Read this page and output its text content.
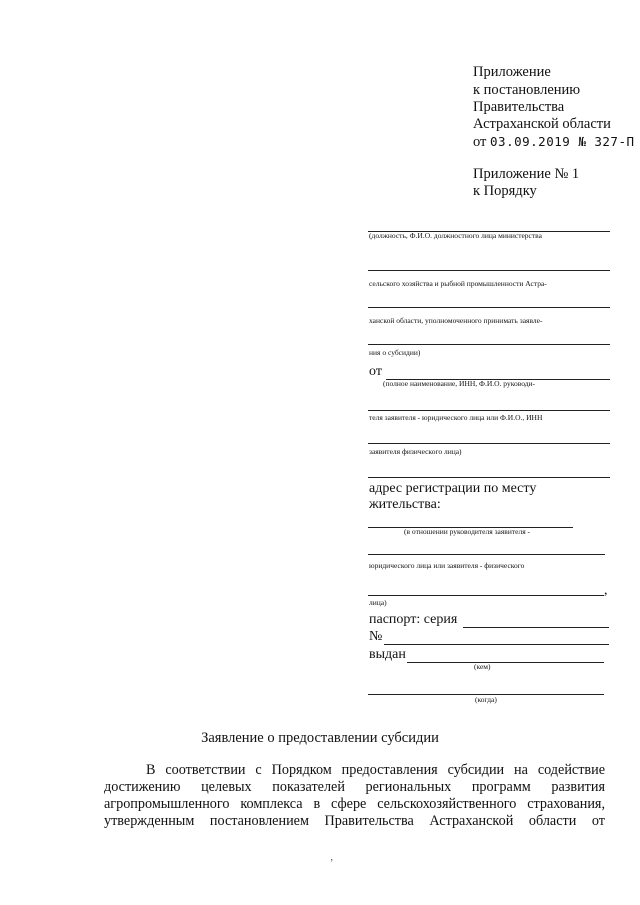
Приложение
к постановлению
Правительства
Астраханской области
от 03.09.2019 № 327-П
Приложение № 1
к Порядку
(должность, Ф.И.О. должностного лица министерства
сельского хозяйства и рыбной промышленности Астра-
ханской области, уполномоченного принимать заявле-
ния о субсидии)
от
(полное наименование, ИНН, Ф.И.О. руководи-
теля заявителя - юридического лица или Ф.И.О., ИНН
заявителя физического лица)
адрес регистрации по месту
жительства:
(в отношении руководителя заявителя -
юридического лица или заявителя - физического
,
лица)
паспорт: серия
№
выдан
(кем)
(когда)
Заявление о предоставлении субсидии
В соответствии с Порядком предоставления субсидии на содействие
достижению целевых показателей региональных программ развития
агропромышленного комплекса в сфере сельскохозяйственного страхования,
утвержденным постановлением Правительства Астраханской области от
‚
